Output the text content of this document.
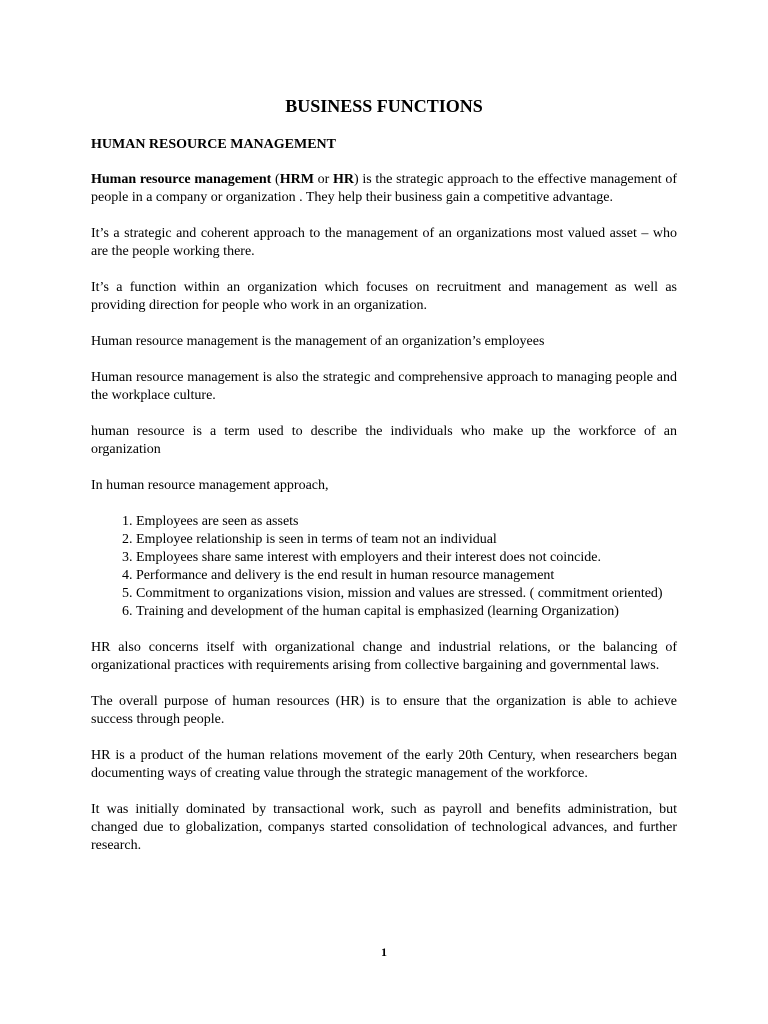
BUSINESS FUNCTIONS
HUMAN RESOURCE MANAGEMENT

Human resource management (HRM or HR) is the strategic approach to the effective management of people in a company or organization . They help their business gain a competitive advantage.

It’s a strategic and coherent approach to the management of an organizations most valued asset – who are the people working there.

It’s a function within an organization which focuses on recruitment and management as well as providing direction for people who work in an organization.

Human resource management is the management of an organization’s employees

Human resource management is also the strategic and comprehensive approach to managing people and the workplace culture.

human resource is a term used to describe the individuals who make up the workforce of an organization

In human resource management approach,

1. Employees are seen as assets
2. Employee relationship is seen in terms of team not an individual
3. Employees share same interest with employers and their interest does not coincide.
4. Performance and delivery is the end result in human resource management
5. Commitment to organizations vision, mission and values are stressed. ( commitment oriented)
6. Training and development of the human capital is emphasized (learning Organization)

HR also concerns itself with organizational change and industrial relations, or the balancing of organizational practices with requirements arising from collective bargaining and governmental laws.

The overall purpose of human resources (HR) is to ensure that the organization is able to achieve success through people.

HR is a product of the human relations movement of the early 20th Century, when researchers began documenting ways of creating value through the strategic management of the workforce.

It was initially dominated by transactional work, such as payroll and benefits administration, but changed due to globalization, companys started consolidation of technological advances, and further research.

1
